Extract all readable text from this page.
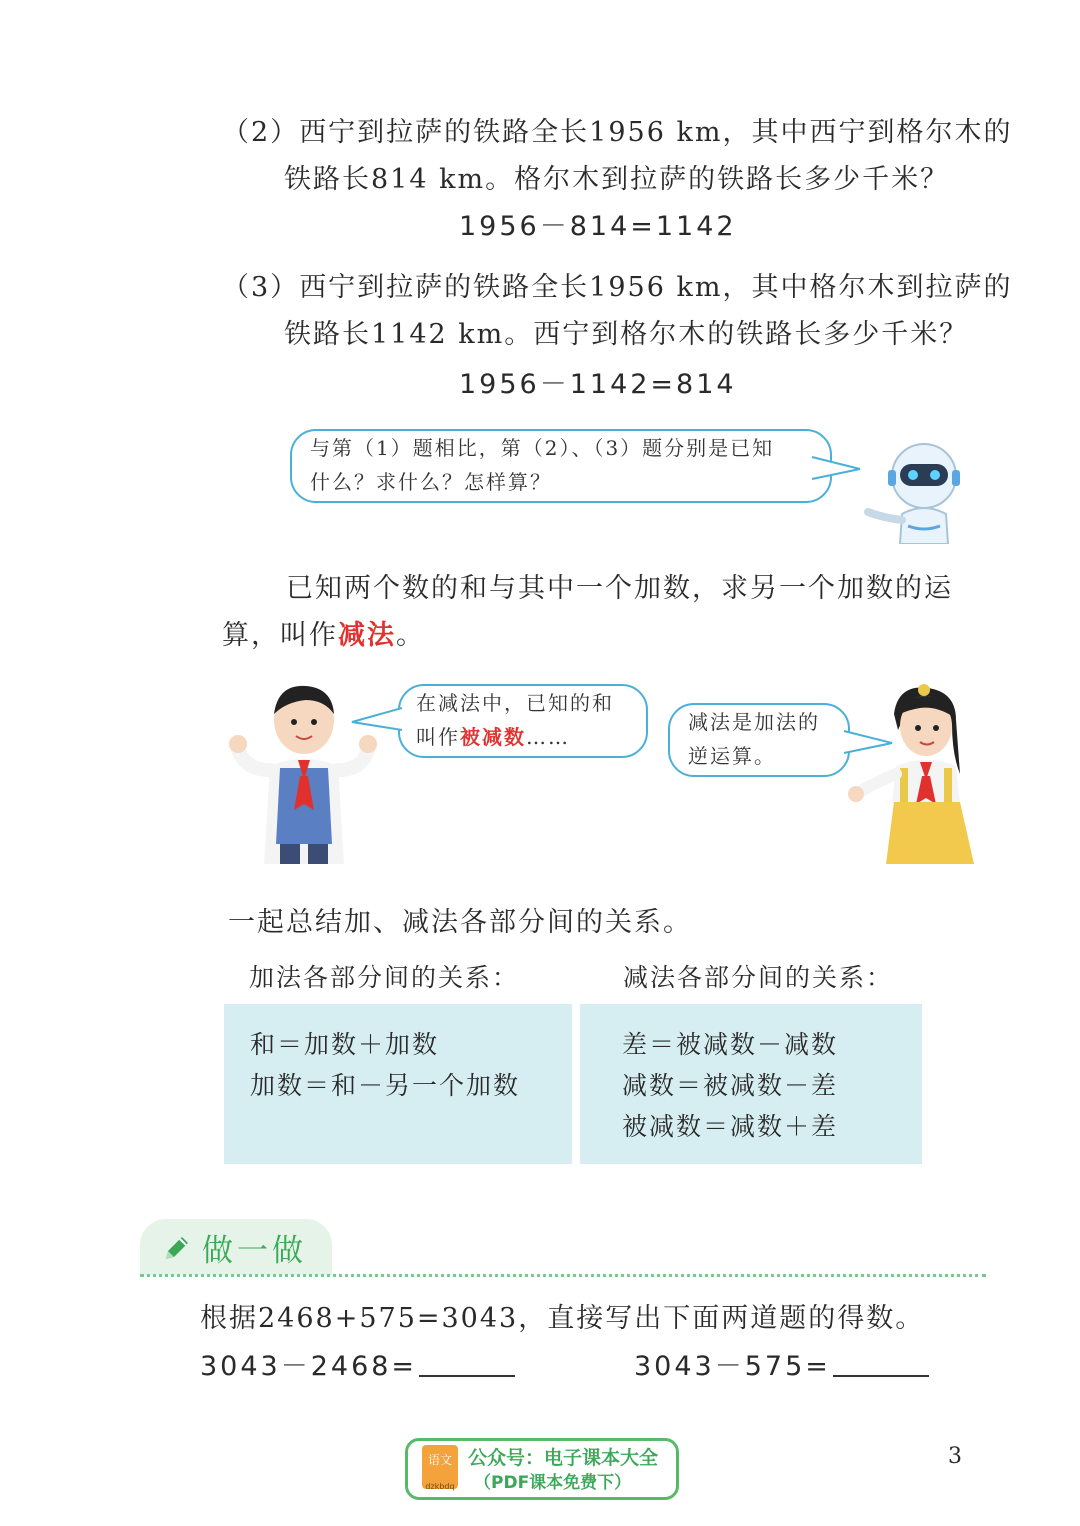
（2）西宁到拉萨的铁路全长1956 km，其中西宁到格尔木的
铁路长814 km。格尔木到拉萨的铁路长多少千米？
1956－814=1142
（3）西宁到拉萨的铁路全长1956 km，其中格尔木到拉萨的
铁路长1142 km。西宁到格尔木的铁路长多少千米？
1956－1142=814
与第（1）题相比，第（2）、（3）题分别是已知
什么？求什么？怎样算？
已知两个数的和与其中一个加数，求另一个加数的运
算，叫作减法。
在减法中，已知的和
叫作被减数……
减法是加法的
逆运算。
一起总结加、减法各部分间的关系。
加法各部分间的关系：	减法各部分间的关系：
和＝加数＋加数
加数＝和－另一个加数
差＝被减数－减数
减数＝被减数－差
被减数＝减数＋差
做一做
根据2468+575=3043，直接写出下面两道题的得数。
3043－2468=	3043－575=
语文
dzkbdq
公众号：电子课本大全
（PDF课本免费下）
3
